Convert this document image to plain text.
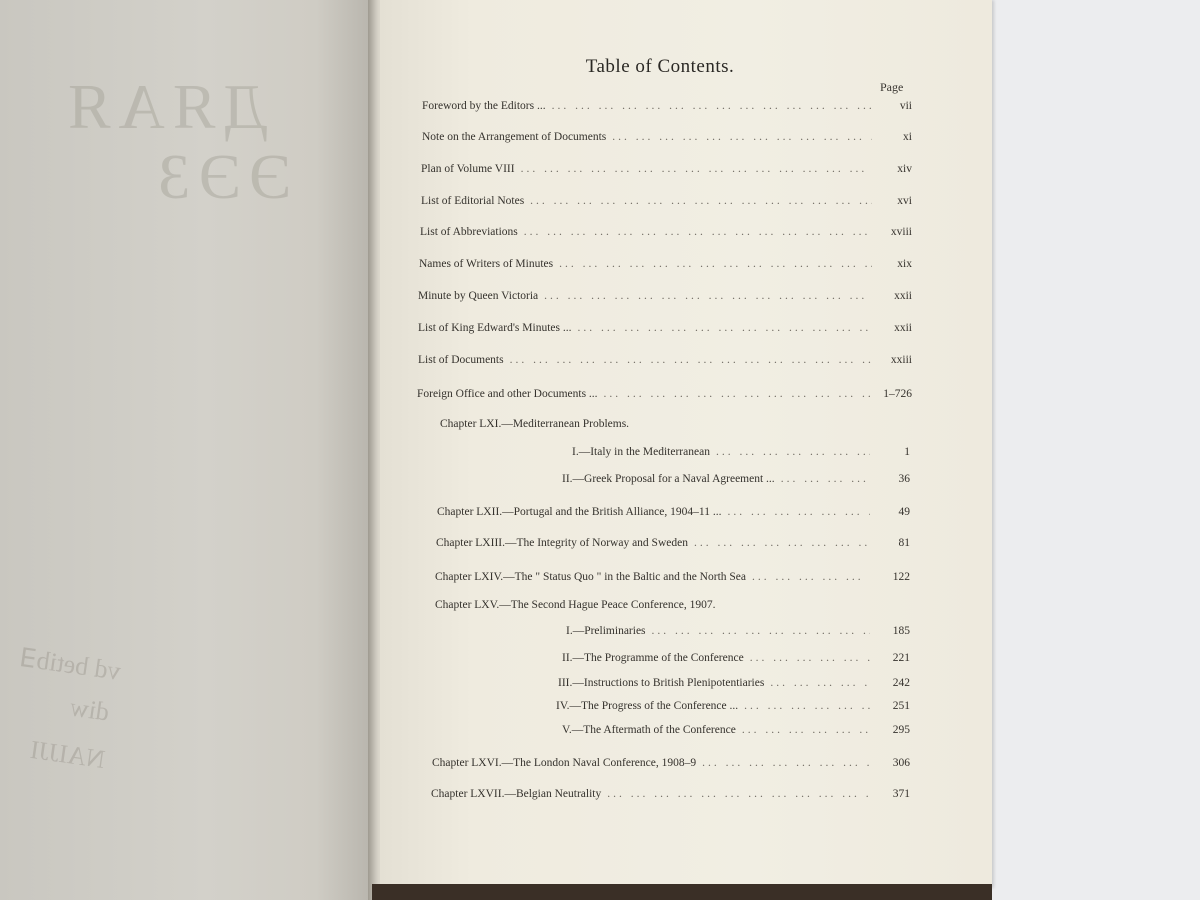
ДЯАЯ
ЭЭЗ
vd betib∃
diw
NAIJJI
Table of Contents.
Page
Foreword by the Editors ... ... .	vii
Note on the Arrangement of Documents ... .	xi
Plan of Volume VIII ... .	xiv
List of Editorial Notes ... .	xvi
List of Abbreviations ... .	xviii
Names of Writers of Minutes ... .	xix
Minute by Queen Victoria ... .	xxii
List of King Edward's Minutes ... ... .	xxii
List of Documents ... .	xxiii
Foreign Office and other Documents ... ... .	1–726
Chapter LXI.—Mediterranean Problems.
I.—Italy in the Mediterranean ... .	1
II.—Greek Proposal for a Naval Agreement ... ... .	36
Chapter LXII.—Portugal and the British Alliance, 1904–11 ... ... .	49
Chapter LXIII.—The Integrity of Norway and Sweden ... .	81
Chapter LXIV.—The " Status Quo " in the Baltic and the North Sea ... .	122
Chapter LXV.—The Second Hague Peace Conference, 1907.
I.—Preliminaries ... .	185
II.—The Programme of the Conference ... .	221
III.—Instructions to British Plenipotentiaries ... .	242
IV.—The Progress of the Conference ... ... .	251
V.—The Aftermath of the Conference ... .	295
Chapter LXVI.—The London Naval Conference, 1908–9 ... .	306
Chapter LXVII.—Belgian Neutrality ... .	371
